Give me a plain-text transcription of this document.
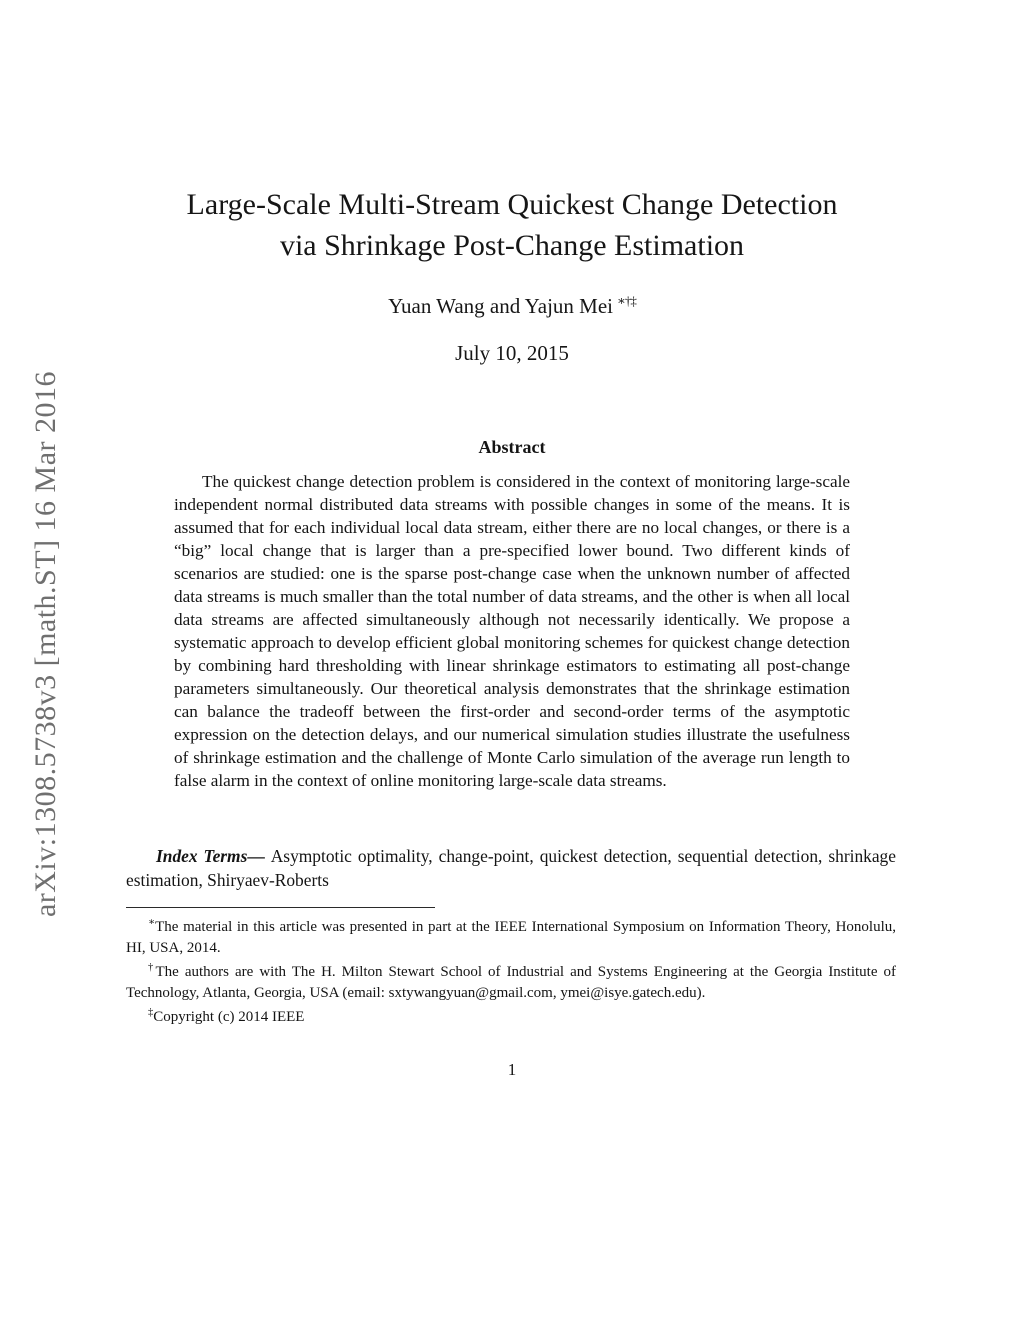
arXiv:1308.5738v3 [math.ST] 16 Mar 2016
Large-Scale Multi-Stream Quickest Change Detection
via Shrinkage Post-Change Estimation
Yuan Wang and Yajun Mei ∗†‡
July 10, 2015
Abstract
The quickest change detection problem is considered in the context of monitoring large-scale independent normal distributed data streams with possible changes in some of the means. It is assumed that for each individual local data stream, either there are no local changes, or there is a “big” local change that is larger than a pre-specified lower bound. Two different kinds of scenarios are studied: one is the sparse post-change case when the unknown number of affected data streams is much smaller than the total number of data streams, and the other is when all local data streams are affected simultaneously although not necessarily identically. We propose a systematic approach to develop efficient global monitoring schemes for quickest change detection by combining hard thresholding with linear shrinkage estimators to estimating all post-change parameters simultaneously. Our theoretical analysis demonstrates that the shrinkage estimation can balance the tradeoff between the first-order and second-order terms of the asymptotic expression on the detection delays, and our numerical simulation studies illustrate the usefulness of shrinkage estimation and the challenge of Monte Carlo simulation of the average run length to false alarm in the context of online monitoring large-scale data streams.
Index Terms— Asymptotic optimality, change-point, quickest detection, sequential detection, shrinkage estimation, Shiryaev-Roberts

∗The material in this article was presented in part at the IEEE International Symposium on Information Theory, Honolulu, HI, USA, 2014.

†The authors are with The H. Milton Stewart School of Industrial and Systems Engineering at the Georgia Institute of Technology, Atlanta, Georgia, USA (email: sxtywangyuan@gmail.com, ymei@isye.gatech.edu).

‡Copyright (c) 2014 IEEE

1
